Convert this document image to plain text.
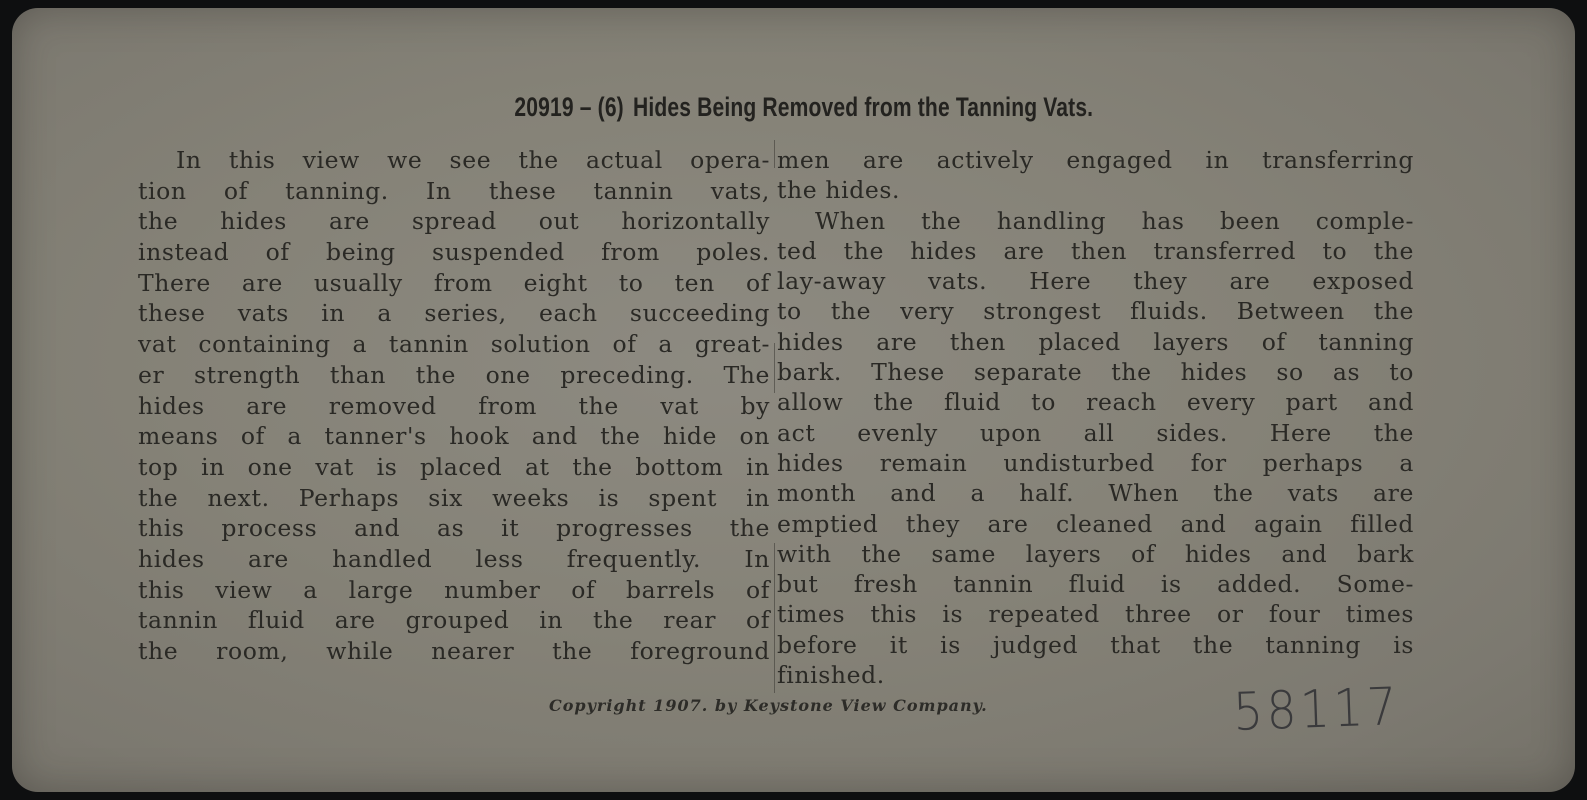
20919 – (6) Hides Being Removed from the Tanning Vats.
In this view we see the actual opera-
tion of tanning. In these tannin vats,
the hides are spread out horizontally
instead of being suspended from poles.
There are usually from eight to ten of
these vats in a series, each succeeding
vat containing a tannin solution of a great-
er strength than the one preceding. The
hides are removed from the vat by
means of a tanner's hook and the hide on
top in one vat is placed at the bottom in
the next. Perhaps six weeks is spent in
this process and as it progresses the
hides are handled less frequently. In
this view a large number of barrels of
tannin fluid are grouped in the rear of
the room, while nearer the foreground
men are actively engaged in transferring
the hides.
When the handling has been comple-
ted the hides are then transferred to the
lay-away vats. Here they are exposed
to the very strongest fluids. Between the
hides are then placed layers of tanning
bark. These separate the hides so as to
allow the fluid to reach every part and
act evenly upon all sides. Here the
hides remain undisturbed for perhaps a
month and a half. When the vats are
emptied they are cleaned and again filled
with the same layers of hides and bark
but fresh tannin fluid is added. Some-
times this is repeated three or four times
before it is judged that the tanning is
finished.
Copyright 1907. by Keystone View Company.	58117
